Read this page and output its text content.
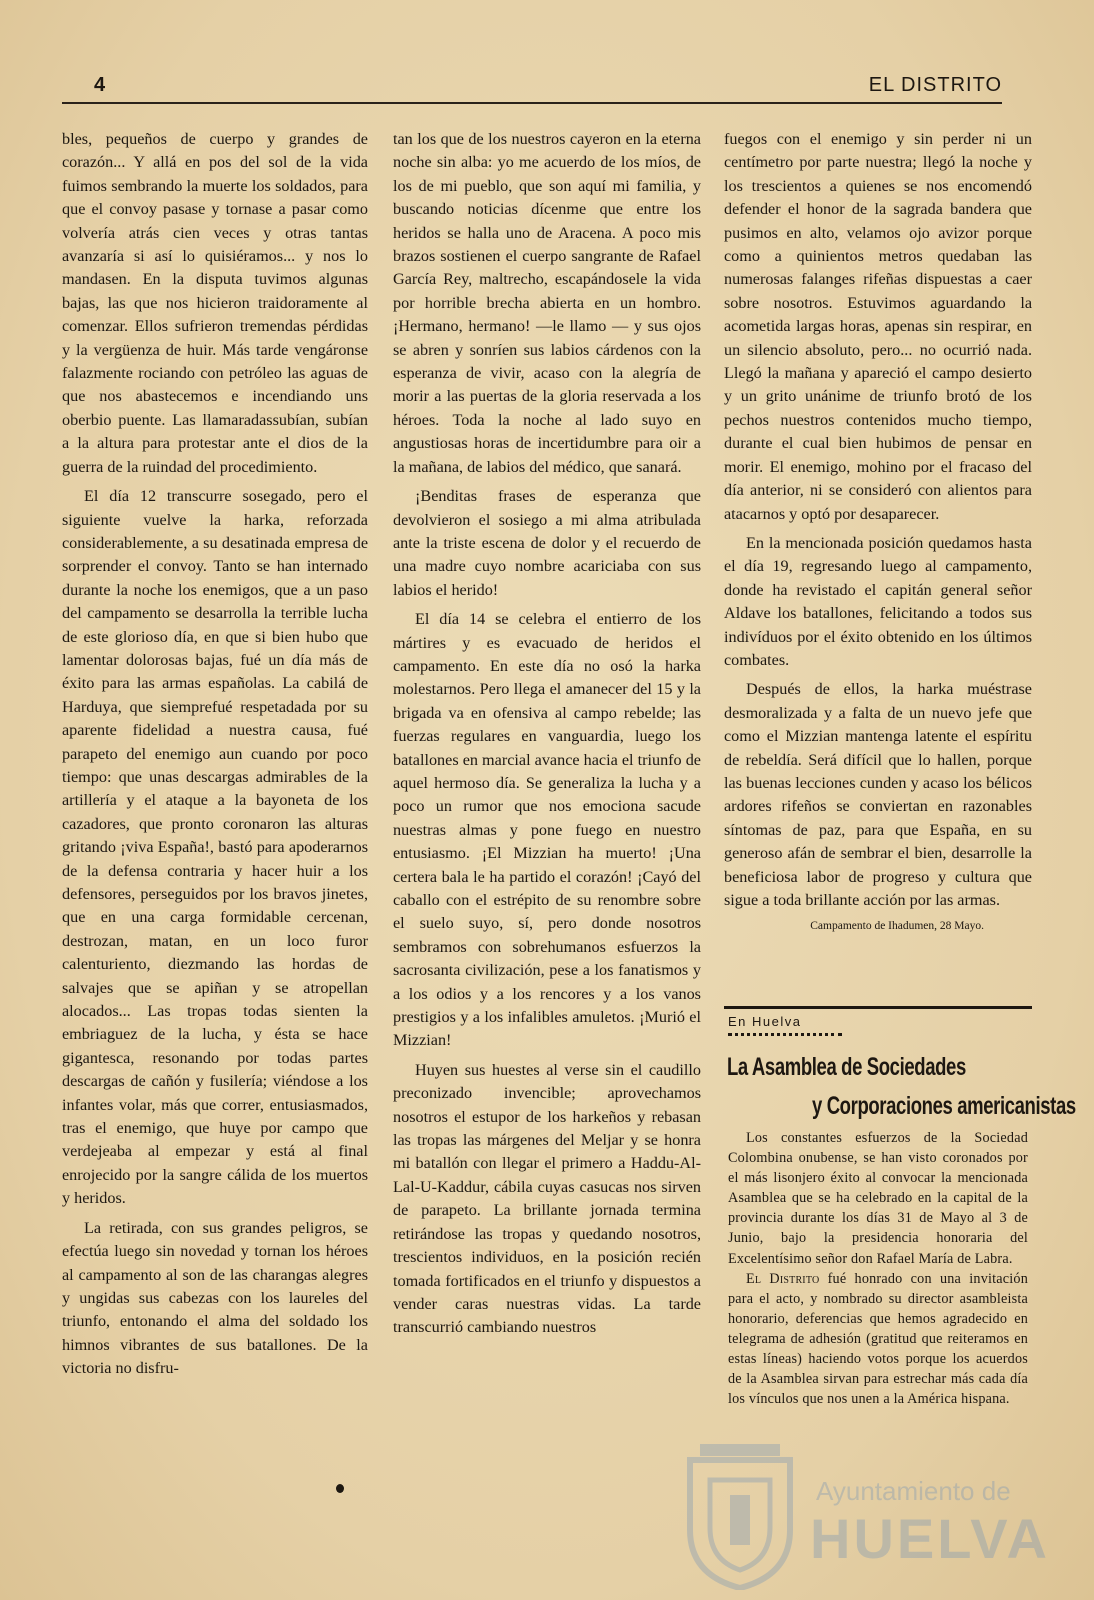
4	EL DISTRITO

bles, pequeños de cuerpo y grandes de corazón... Y allá en pos del sol de la vida fuimos sembrando la muerte los soldados, para que el convoy pasase y tornase a pasar como volvería atrás cien veces y otras tantas avanzaría si así lo quisiéramos... y nos lo mandasen. En la disputa tuvimos algunas bajas, las que nos hicieron traidoramente al comenzar. Ellos sufrieron tremendas pérdidas y la vergüenza de huir. Más tarde vengáronse falazmente rociando con petróleo las aguas de que nos abastecemos e incendiando uns oberbio puente. Las llamaradassubían, subían a la altura para protestar ante el dios de la guerra de la ruindad del procedimiento.

El día 12 transcurre sosegado, pero el siguiente vuelve la harka, reforzada considerablemente, a su desatinada empresa de sorprender el convoy. Tanto se han internado durante la noche los enemigos, que a un paso del campamento se desarrolla la terrible lucha de este glorioso día, en que si bien hubo que lamentar dolorosas bajas, fué un día más de éxito para las armas españolas. La cabilá de Harduya, que siemprefué respetadada por su aparente fidelidad a nuestra causa, fué parapeto del enemigo aun cuando por poco tiempo: que unas descargas admirables de la artillería y el ataque a la bayoneta de los cazadores, que pronto coronaron las alturas gritando ¡viva España!, bastó para apoderarnos de la defensa contraria y hacer huir a los defensores, perseguidos por los bravos jinetes, que en una carga formidable cercenan, destrozan, matan, en un loco furor calenturiento, diezmando las hordas de salvajes que se apiñan y se atropellan alocados... Las tropas todas sienten la embriaguez de la lucha, y ésta se hace gigantesca, resonando por todas partes descargas de cañón y fusilería; viéndose a los infantes volar, más que correr, entusiasmados, tras el enemigo, que huye por campo que verdejeaba al empezar y está al final enrojecido por la sangre cálida de los muertos y heridos.

La retirada, con sus grandes peligros, se efectúa luego sin novedad y tornan los héroes al campamento al son de las charangas alegres y ungidas sus cabezas con los laureles del triunfo, entonando el alma del soldado los himnos vibrantes de sus batallones. De la victoria no disfru-

tan los que de los nuestros cayeron en la eterna noche sin alba: yo me acuerdo de los míos, de los de mi pueblo, que son aquí mi familia, y buscando noticias dícenme que entre los heridos se halla uno de Aracena. A poco mis brazos sostienen el cuerpo sangrante de Rafael García Rey, maltrecho, escapándosele la vida por horrible brecha abierta en un hombro. ¡Hermano, hermano! —le llamo — y sus ojos se abren y sonríen sus labios cárdenos con la esperanza de vivir, acaso con la alegría de morir a las puertas de la gloria reservada a los héroes. Toda la noche al lado suyo en angustiosas horas de incertidumbre para oir a la mañana, de labios del médico, que sanará.

¡Benditas frases de esperanza que devolvieron el sosiego a mi alma atribulada ante la triste escena de dolor y el recuerdo de una madre cuyo nombre acariciaba con sus labios el herido!

El día 14 se celebra el entierro de los mártires y es evacuado de heridos el campamento. En este día no osó la harka molestarnos. Pero llega el amanecer del 15 y la brigada va en ofensiva al campo rebelde; las fuerzas regulares en vanguardia, luego los batallones en marcial avance hacia el triunfo de aquel hermoso día. Se generaliza la lucha y a poco un rumor que nos emociona sacude nuestras almas y pone fuego en nuestro entusiasmo. ¡El Mizzian ha muerto! ¡Una certera bala le ha partido el corazón! ¡Cayó del caballo con el estrépito de su renombre sobre el suelo suyo, sí, pero donde nosotros sembramos con sobrehumanos esfuerzos la sacrosanta civilización, pese a los fanatismos y a los odios y a los rencores y a los vanos prestigios y a los infalibles amuletos. ¡Murió el Mizzian!

Huyen sus huestes al verse sin el caudillo preconizado invencible; aprovechamos nosotros el estupor de los harkeños y rebasan las tropas las márgenes del Meljar y se honra mi batallón con llegar el primero a Haddu-Al-Lal-U-Kaddur, cábila cuyas casucas nos sirven de parapeto. La brillante jornada termina retirándose las tropas y quedando nosotros, trescientos individuos, en la posición recién tomada fortificados en el triunfo y dispuestos a vender caras nuestras vidas. La tarde transcurrió cambiando nuestros

fuegos con el enemigo y sin perder ni un centímetro por parte nuestra; llegó la noche y los trescientos a quienes se nos encomendó defender el honor de la sagrada bandera que pusimos en alto, velamos ojo avizor porque como a quinientos metros quedaban las numerosas falanges rifeñas dispuestas a caer sobre nosotros. Estuvimos aguardando la acometida largas horas, apenas sin respirar, en un silencio absoluto, pero... no ocurrió nada. Llegó la mañana y apareció el campo desierto y un grito unánime de triunfo brotó de los pechos nuestros contenidos mucho tiempo, durante el cual bien hubimos de pensar en morir. El enemigo, mohino por el fracaso del día anterior, ni se consideró con alientos para atacarnos y optó por desaparecer.

En la mencionada posición quedamos hasta el día 19, regresando luego al campamento, donde ha revistado el capitán general señor Aldave los batallones, felicitando a todos sus indivíduos por el éxito obtenido en los últimos combates.

Después de ellos, la harka muéstrase desmoralizada y a falta de un nuevo jefe que como el Mizzian mantenga latente el espíritu de rebeldía. Será difícil que lo hallen, porque las buenas lecciones cunden y acaso los bélicos ardores rifeños se conviertan en razonables síntomas de paz, para que España, en su generoso afán de sembrar el bien, desarrolle la beneficiosa labor de progreso y cultura que sigue a toda brillante acción por las armas.

Campamento de Ihadumen, 28 Mayo.
En Huelva
La Asamblea de Sociedades
y Corporaciones americanistas

Los constantes esfuerzos de la Sociedad Colombina onubense, se han visto coronados por el más lisonjero éxito al convocar la mencionada Asamblea que se ha celebrado en la capital de la provincia durante los días 31 de Mayo al 3 de Junio, bajo la presidencia honoraria del Excelentísimo señor don Rafael María de Labra.

El Distrito fué honrado con una invitación para el acto, y nombrado su director asambleista honorario, deferencias que hemos agradecido en telegrama de adhesión (gratitud que reiteramos en estas líneas) haciendo votos porque los acuerdos de la Asamblea sirvan para estrechar más cada día los vínculos que nos unen a la América hispana.

Ayuntamiento de
HUELVA
